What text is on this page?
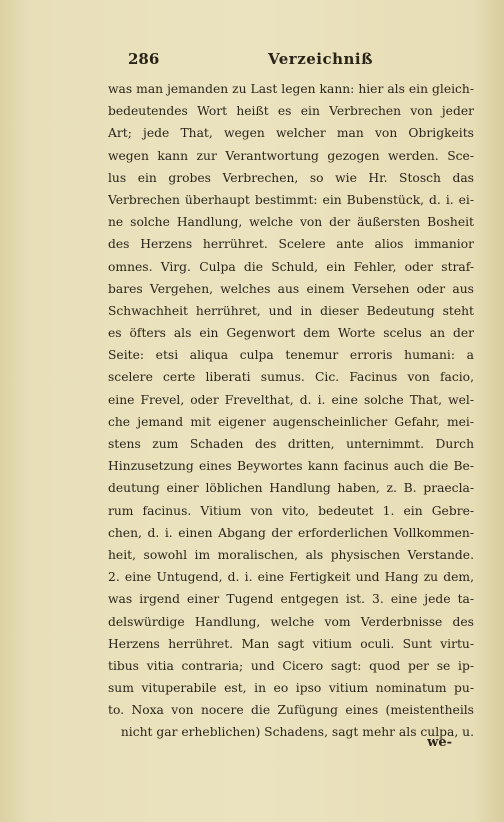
286	Verzeichniß
was man jemanden zu Last legen kann: hier als ein gleich-
bedeutendes Wort heißt es ein Verbrechen von jeder
Art; jede That, wegen welcher man von Obrigkeits
wegen kann zur Verantwortung gezogen werden. Sce-
lus ein grobes Verbrechen, so wie Hr. Stosch das
Verbrechen überhaupt bestimmt: ein Bubenstück, d. i. ei-
ne solche Handlung, welche von der äußersten Bosheit
des Herzens herrühret. Scelere ante alios immanior
omnes. Virg. Culpa die Schuld, ein Fehler, oder straf-
bares Vergehen, welches aus einem Versehen oder aus
Schwachheit herrühret, und in dieser Bedeutung steht
es öfters als ein Gegenwort dem Worte scelus an der
Seite: etsi aliqua culpa tenemur erroris humani: a
scelere certe liberati sumus. Cic. Facinus von facio,
eine Frevel, oder Frevelthat, d. i. eine solche That, wel-
che jemand mit eigener augenscheinlicher Gefahr, mei-
stens zum Schaden des dritten, unternimmt. Durch
Hinzusetzung eines Beywortes kann facinus auch die Be-
deutung einer löblichen Handlung haben, z. B. praecla-
rum facinus. Vitium von vito, bedeutet 1. ein Gebre-
chen, d. i. einen Abgang der erforderlichen Vollkommen-
heit, sowohl im moralischen, als physischen Verstande.
2. eine Untugend, d. i. eine Fertigkeit und Hang zu dem,
was irgend einer Tugend entgegen ist. 3. eine jede ta-
delswürdige Handlung, welche vom Verderbnisse des
Herzens herrühret. Man sagt vitium oculi. Sunt virtu-
tibus vitia contraria; und Cicero sagt: quod per se ip-
sum vituperabile est, in eo ipso vitium nominatum pu-
to. Noxa von nocere die Zufügung eines (meistentheils
nicht gar erheblichen) Schadens, sagt mehr als culpa, u.
we-
